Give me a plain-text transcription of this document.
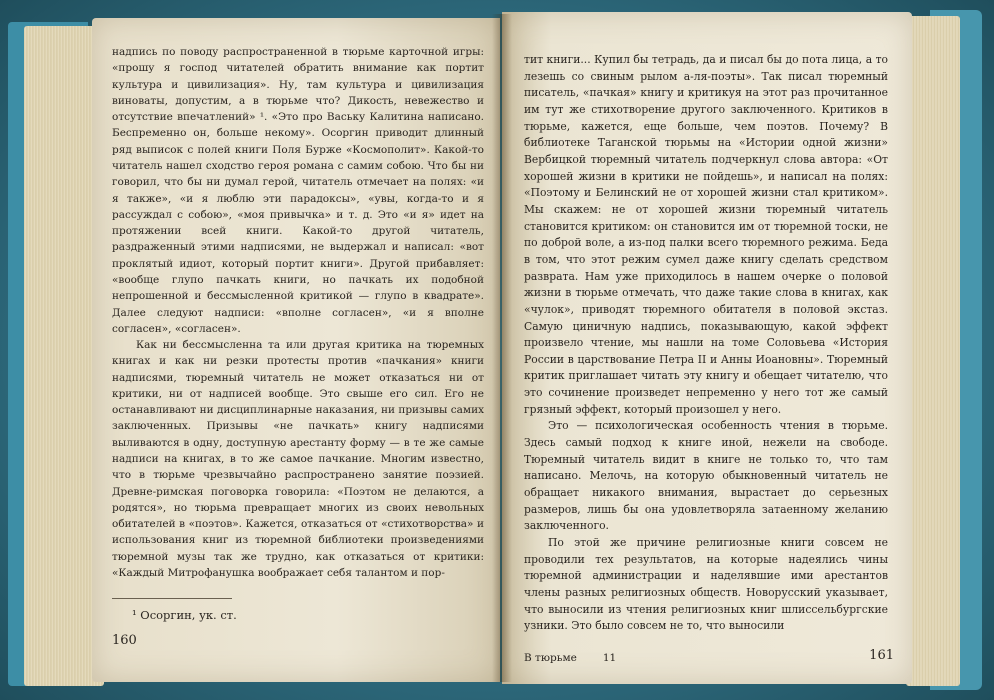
надпись по поводу распространенной в тюрьме карточной игры: «прошу я господ читателей обратить внимание как портит культура и цивилизация». Ну, там культура и цивилизация виноваты, допустим, а в тюрьме что? Дикость, невежество и отсутствие впечатлений» ¹. «Это про Ваську Калитина написано. Беспременно он, больше некому». Осоргин приводит длинный ряд выписок с полей книги Поля Бурже «Космополит». Какой-то читатель нашел сходство героя романа с самим собою. Что бы ни говорил, что бы ни думал герой, читатель отмечает на полях: «и я также», «и я люблю эти парадоксы», «увы, когда-то и я рассуждал с собою», «моя привычка» и т. д. Это «и я» идет на протяжении всей книги. Какой-то другой читатель, раздраженный этими надписями, не выдержал и написал: «вот проклятый идиот, который портит книги». Другой прибавляет: «вообще глупо пачкать книги, но пачкать их подобной непрошенной и бессмысленной критикой — глупо в квадрате». Далее следуют надписи: «вполне согласен», «и я вполне согласен», «согласен».

Как ни бессмысленна та или другая критика на тюремных книгах и как ни резки протесты против «пачкания» книги надписями, тюремный читатель не может отказаться ни от критики, ни от надписей вообще. Это свыше его сил. Его не останавливают ни дисциплинарные наказания, ни призывы самих заключенных. Призывы «не пачкать» книгу надписями выливаются в одну, доступную арестанту форму — в те же самые надписи на книгах, в то же самое пачкание. Многим известно, что в тюрьме чрезвычайно распространено занятие поэзией. Древне-римская поговорка говорила: «Поэтом не делаются, а родятся», но тюрьма превращает многих из своих невольных обитателей в «поэтов». Кажется, отказаться от «стихотворства» и использования книг из тюремной библиотеки произведениями тюремной музы так же трудно, как отказаться от критики: «Каждый Митрофанушка воображает себя талантом и пор-

¹ Осоргин, ук. ст.
160

тит книги... Купил бы тетрадь, да и писал бы до пота лица, а то лезешь со свиным рылом а-ля-поэты». Так писал тюремный писатель, «пачкая» книгу и критикуя на этот раз прочитанное им тут же стихотворение другого заключенного. Критиков в тюрьме, кажется, еще больше, чем поэтов. Почему? В библиотеке Таганской тюрьмы на «Истории одной жизни» Вербицкой тюремный читатель подчеркнул слова автора: «От хорошей жизни в критики не пойдешь», и написал на полях: «Поэтому и Белинский не от хорошей жизни стал критиком». Мы скажем: не от хорошей жизни тюремный читатель становится критиком: он становится им от тюремной тоски, не по доброй воле, а из-под палки всего тюремного режима. Беда в том, что этот режим сумел даже книгу сделать средством разврата. Нам уже приходилось в нашем очерке о половой жизни в тюрьме отмечать, что даже такие слова в книгах, как «чулок», приводят тюремного обитателя в половой экстаз. Самую циничную надпись, показывающую, какой эффект произвело чтение, мы нашли на томе Соловьева «История России в царствование Петра II и Анны Иоановны». Тюремный критик приглашает читать эту книгу и обещает читателю, что это сочинение произведет непременно у него тот же самый грязный эффект, который произошел у него.

Это — психологическая особенность чтения в тюрьме. Здесь самый подход к книге иной, нежели на свободе. Тюремный читатель видит в книге не только то, что там написано. Мелочь, на которую обыкновенный читатель не обращает никакого внимания, вырастает до серьезных размеров, лишь бы она удовлетворяла затаенному желанию заключенного.

По этой же причине религиозные книги совсем не проводили тех результатов, на которые надеялись чины тюремной администрации и наделявшие ими арестантов члены разных религиозных обществ. Новорусский указывает, что выносили из чтения религиозных книг шлиссельбургские узники. Это было совсем не то, что выносили

В тюрьме 11	161
